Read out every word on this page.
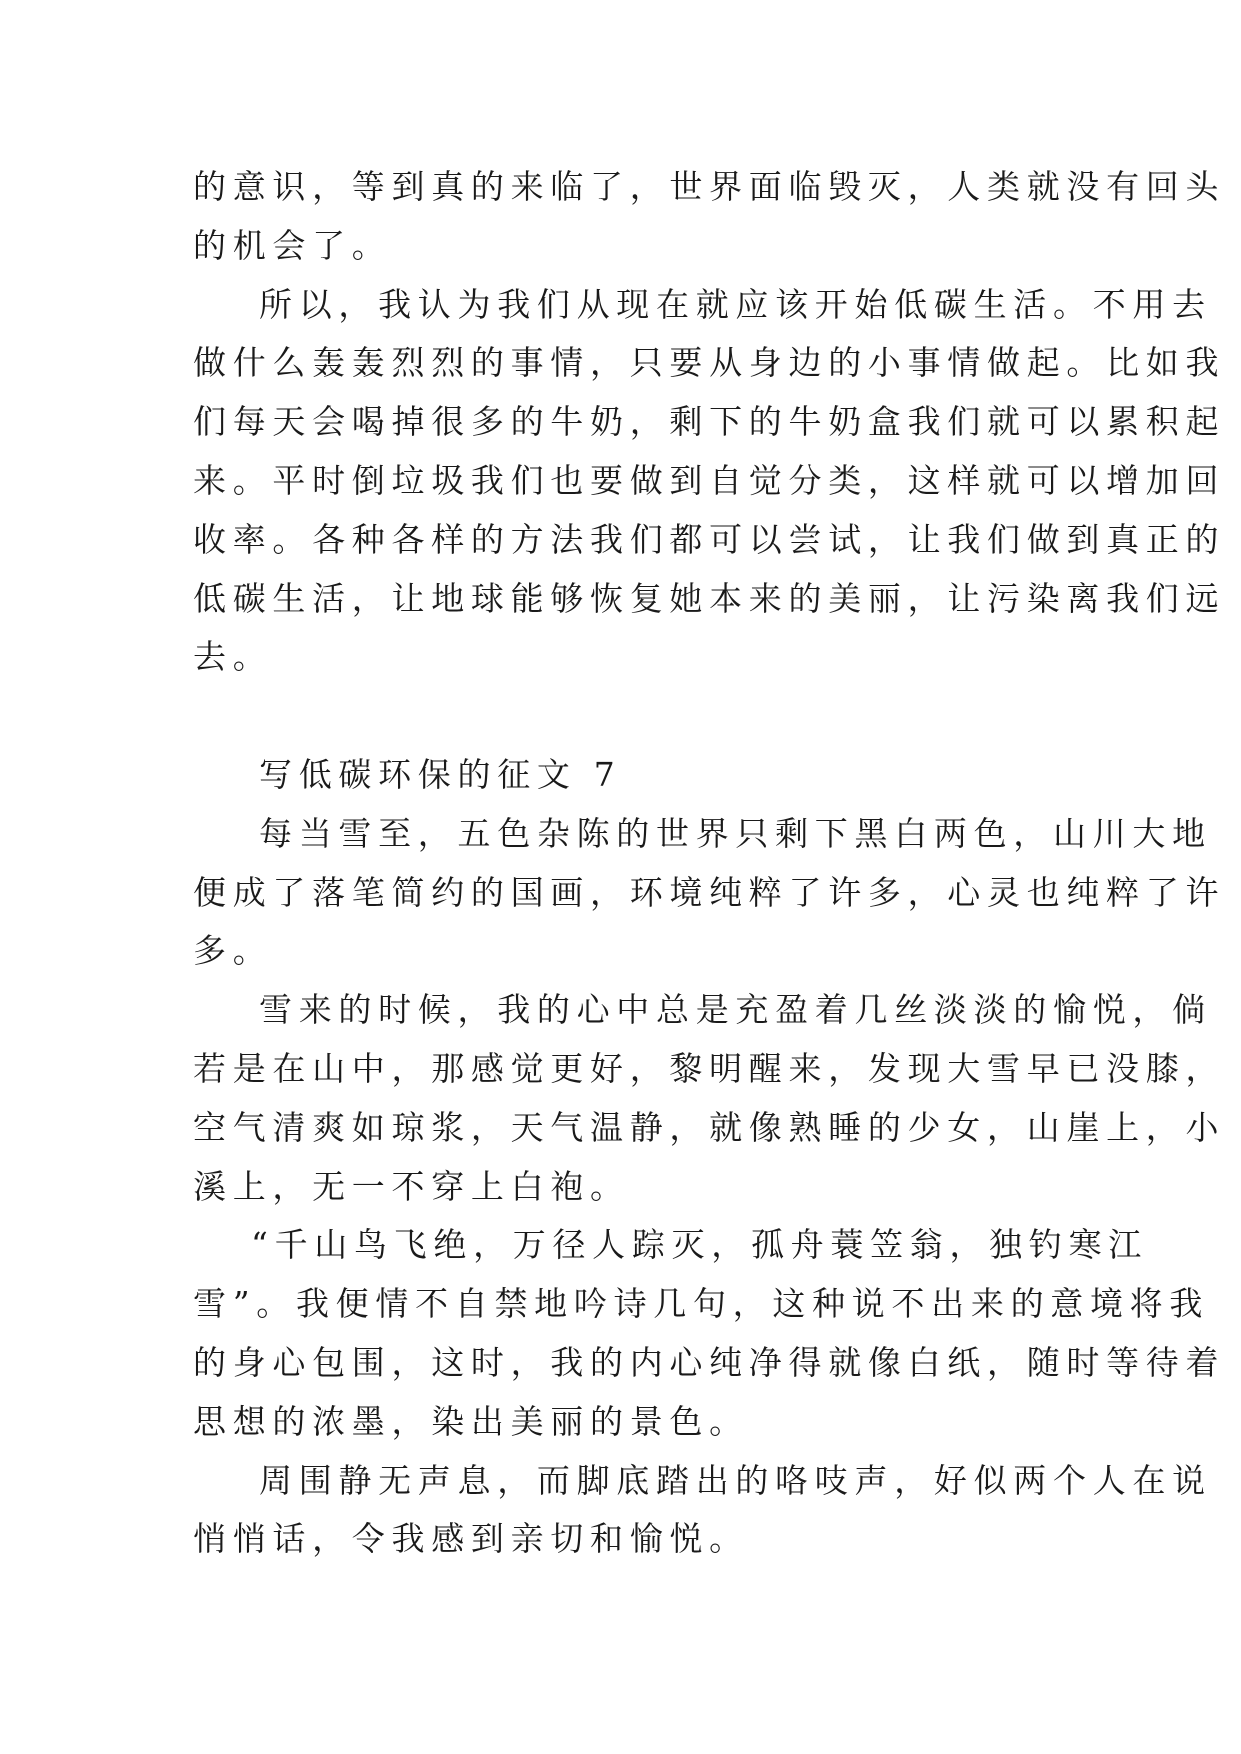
的意识，等到真的来临了，世界面临毁灭，人类就没有回头
的机会了。

所以，我认为我们从现在就应该开始低碳生活。不用去
做什么轰轰烈烈的事情，只要从身边的小事情做起。比如我
们每天会喝掉很多的牛奶，剩下的牛奶盒我们就可以累积起
来。平时倒垃圾我们也要做到自觉分类，这样就可以增加回
收率。各种各样的方法我们都可以尝试，让我们做到真正的
低碳生活，让地球能够恢复她本来的美丽，让污染离我们远
去。

写低碳环保的征文 7

每当雪至，五色杂陈的世界只剩下黑白两色，山川大地
便成了落笔简约的国画，环境纯粹了许多，心灵也纯粹了许
多。

雪来的时候，我的心中总是充盈着几丝淡淡的愉悦，倘
若是在山中，那感觉更好，黎明醒来，发现大雪早已没膝，
空气清爽如琼浆，天气温静，就像熟睡的少女，山崖上，小
溪上，无一不穿上白袍。

“千山鸟飞绝，万径人踪灭，孤舟蓑笠翁，独钓寒江
雪”。我便情不自禁地吟诗几句，这种说不出来的意境将我
的身心包围，这时，我的内心纯净得就像白纸，随时等待着
思想的浓墨，染出美丽的景色。

周围静无声息，而脚底踏出的咯吱声，好似两个人在说
悄悄话，令我感到亲切和愉悦。
